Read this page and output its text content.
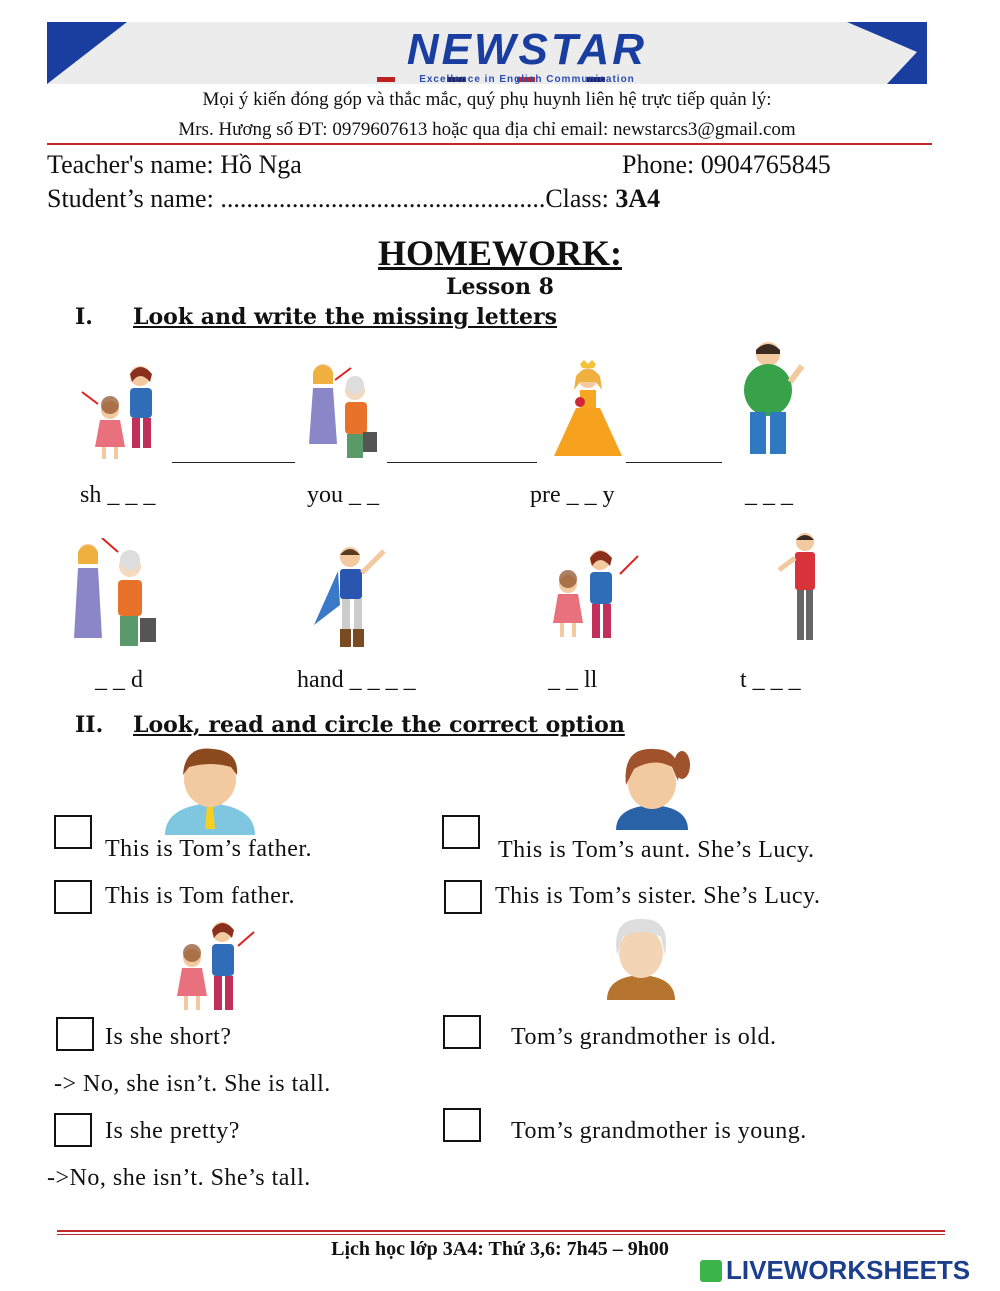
NEWSTAR
Excellence in English Communication
Mọi ý kiến đóng góp và thắc mắc, quý phụ huynh liên hệ trực tiếp quản lý:
Mrs. Hương số ĐT: 0979607613 hoặc qua địa chỉ email: newstarcs3@gmail.com
Teacher's name: Hồ Nga	Phone: 0904765845
Student’s name: ..................................................Class: 3A4
HOMEWORK:
Lesson 8
I. Look and write the missing letters
sh _ _ _	you _ _	pre _ _ y	_ _ _
_ _ d	hand _ _ _ _	_ _ ll	t _ _ _
II. Look, read and circle the correct option
This is Tom’s father.
This is Tom father.
This is Tom’s aunt. She’s Lucy.
This is Tom’s sister. She’s Lucy.
Is she short?
-> No, she isn’t. She is tall.
Is she pretty?
->No, she isn’t. She’s tall.
Tom’s grandmother is old.
Tom’s grandmother is young.
Lịch học lớp 3A4: Thứ 3,6: 7h45 – 9h00
LIVEWORKSHEETS
